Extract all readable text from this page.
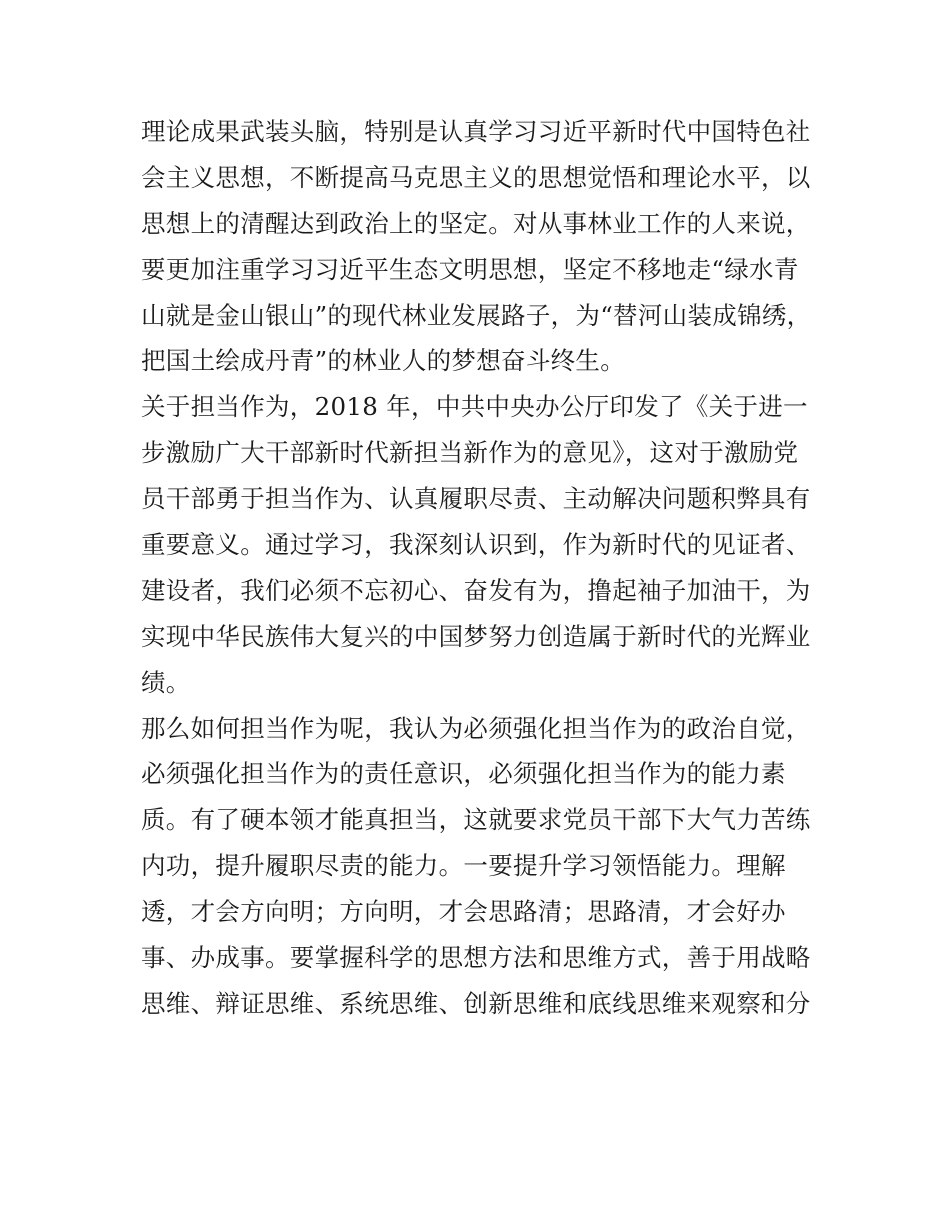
理论成果武装头脑，特别是认真学习习近平新时代中国特色社
会主义思想，不断提高马克思主义的思想觉悟和理论水平，以
思想上的清醒达到政治上的坚定。对从事林业工作的人来说，
要更加注重学习习近平生态文明思想，坚定不移地走“绿水青
山就是金山银山”的现代林业发展路子，为“替河山装成锦绣，
把国土绘成丹青”的林业人的梦想奋斗终生。
关于担当作为，2018 年，中共中央办公厅印发了《关于进一
步激励广大干部新时代新担当新作为的意见》，这对于激励党
员干部勇于担当作为、认真履职尽责、主动解决问题积弊具有
重要意义。通过学习，我深刻认识到，作为新时代的见证者、
建设者，我们必须不忘初心、奋发有为，撸起袖子加油干，为
实现中华民族伟大复兴的中国梦努力创造属于新时代的光辉业
绩。
那么如何担当作为呢，我认为必须强化担当作为的政治自觉，
必须强化担当作为的责任意识，必须强化担当作为的能力素
质。有了硬本领才能真担当，这就要求党员干部下大气力苦练
内功，提升履职尽责的能力。一要提升学习领悟能力。理解
透，才会方向明；方向明，才会思路清；思路清，才会好办
事、办成事。要掌握科学的思想方法和思维方式，善于用战略
思维、辩证思维、系统思维、创新思维和底线思维来观察和分
